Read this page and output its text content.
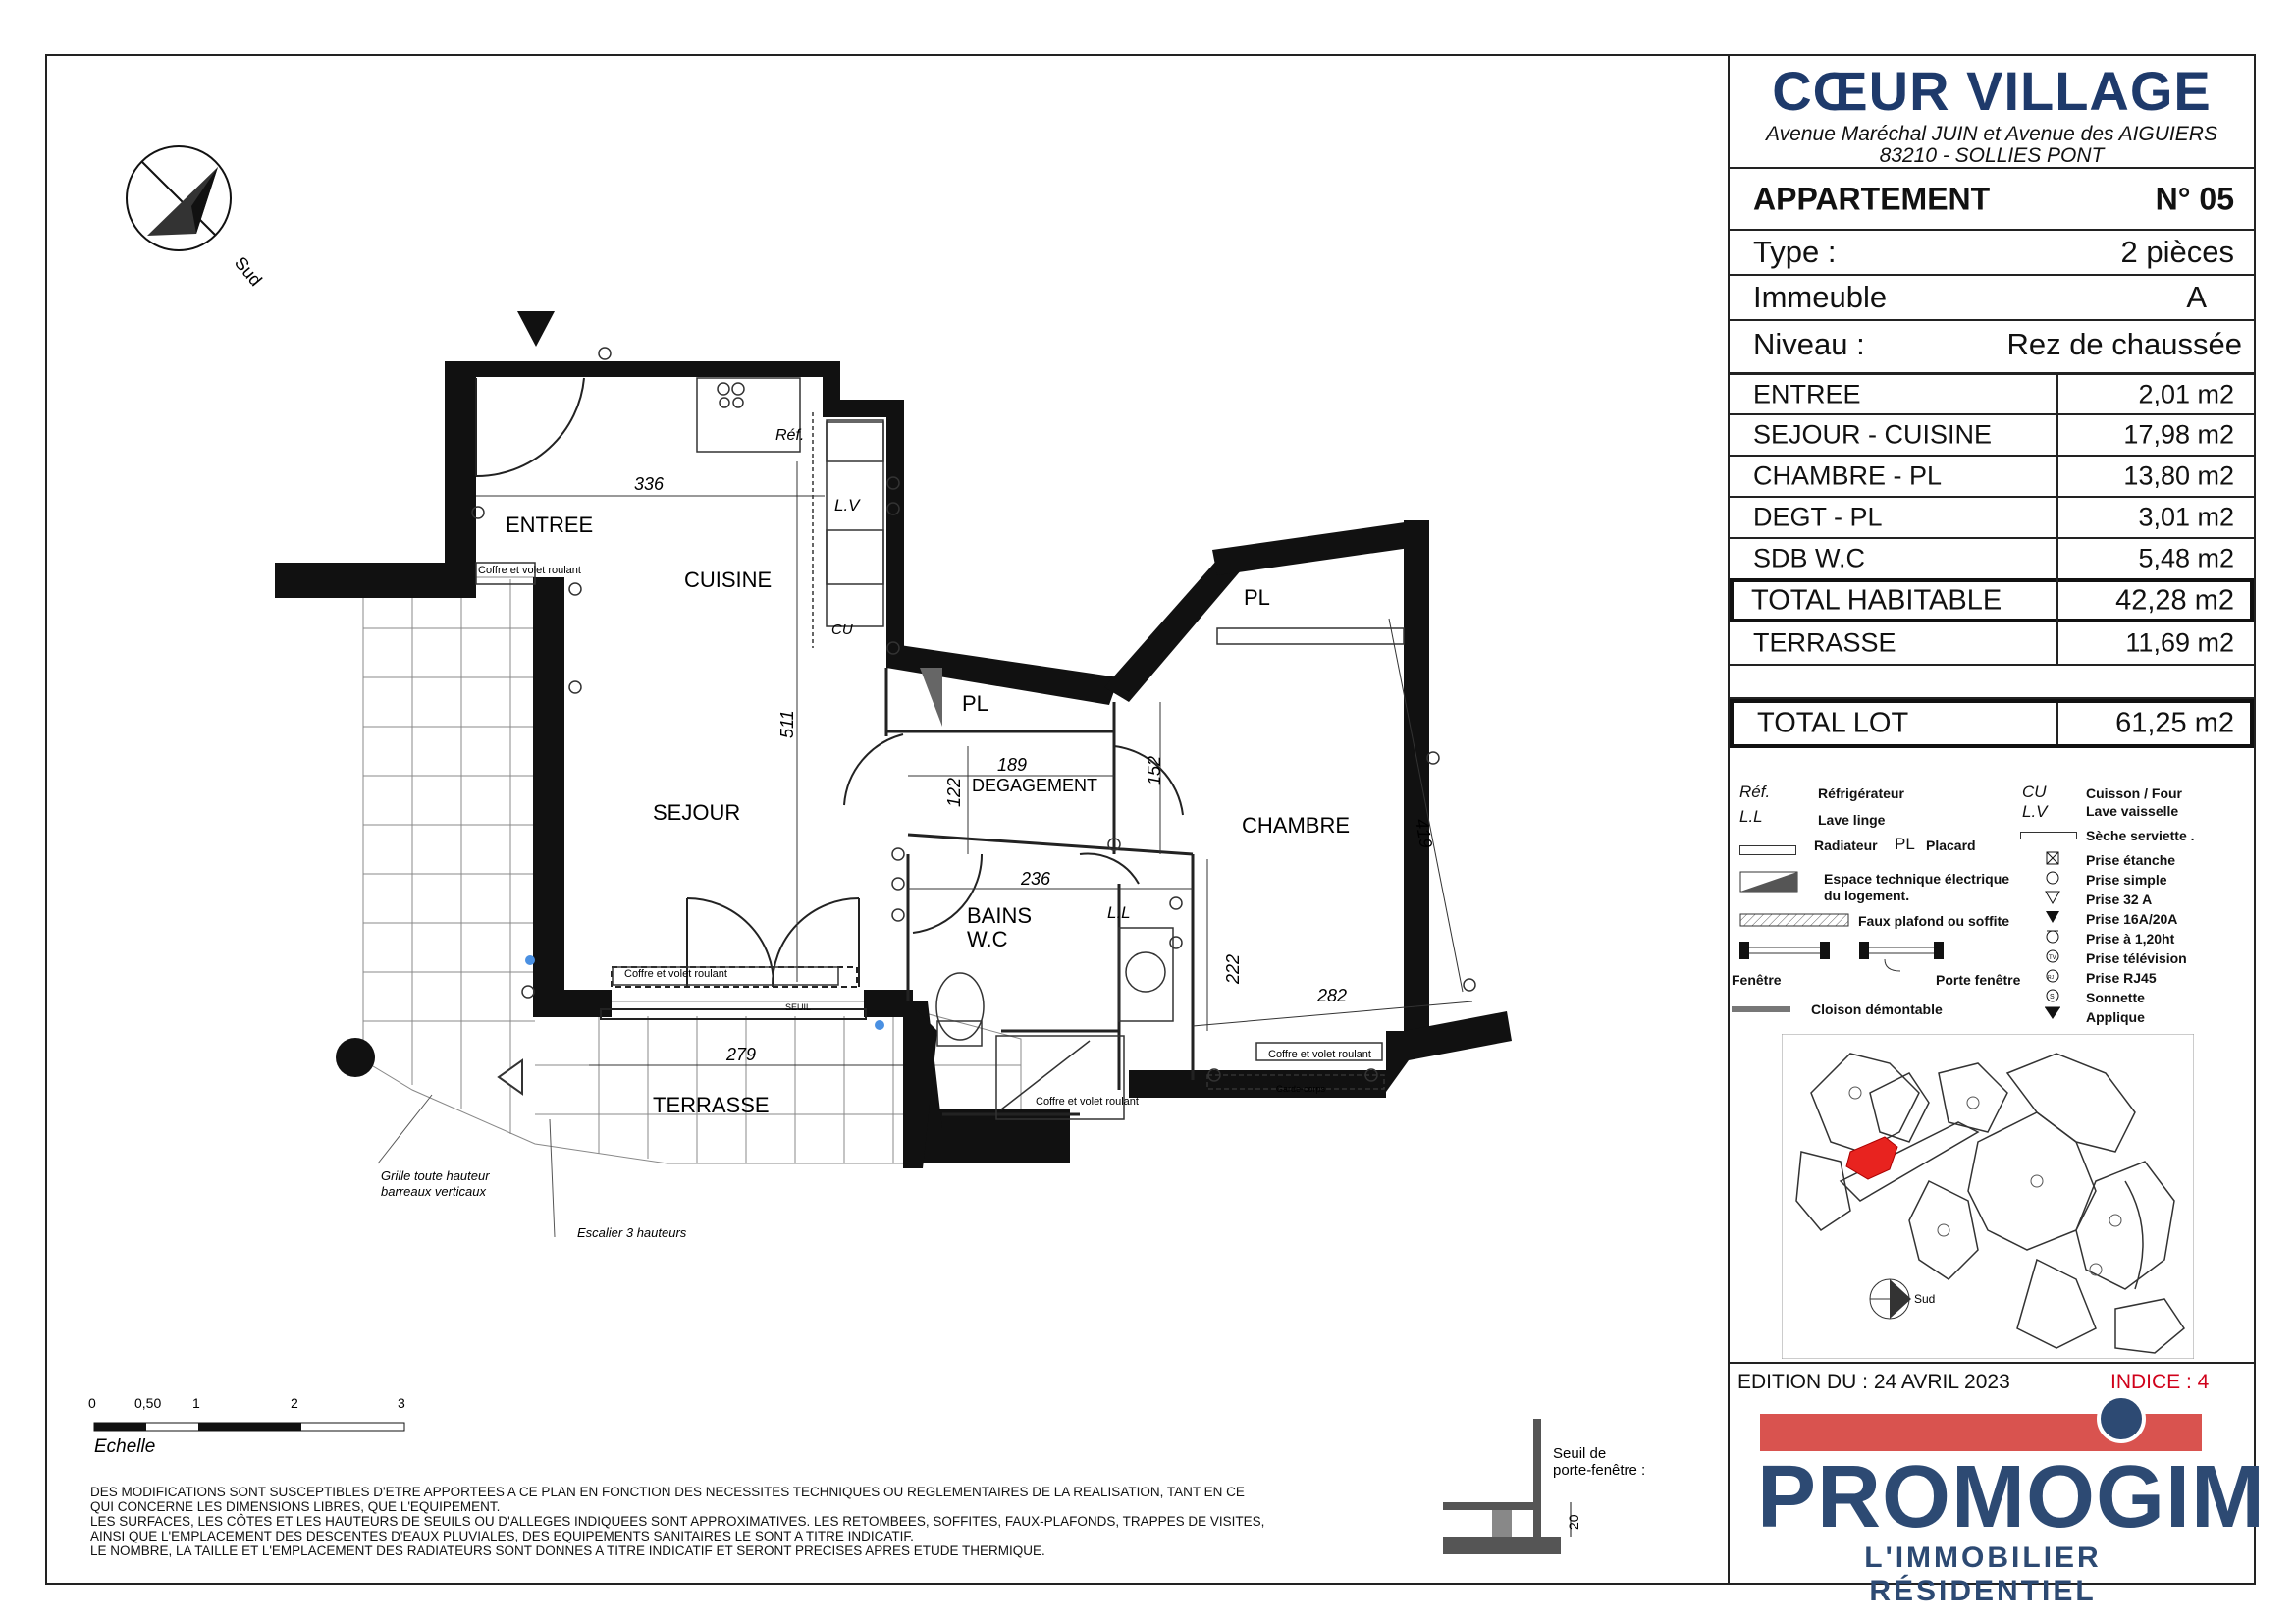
CŒUR VILLAGE
Avenue Maréchal JUIN et Avenue des AIGUIERS
83210 - SOLLIES PONT
APPARTEMENT	N° 05
Type :	2 pièces
Immeuble	A
Niveau :	Rez de chaussée
ENTREE	2,01 m2
SEJOUR - CUISINE	17,98 m2
CHAMBRE - PL	13,80 m2
DEGT - PL	3,01 m2
SDB W.C	5,48 m2
TOTAL HABITABLE	42,28 m2
TERRASSE	11,69 m2
TOTAL LOT	61,25 m2
Réf.	Réfrigérateur
L.L	Lave linge
Radiateur PL Placard
Espace technique électrique du logement.
Faux plafond ou soffite
Fenêtre	Porte fenêtre
Cloison démontable
CU	Cuisson / Four
L.V	Lave vaisselle
Sèche serviette .
TV
RJ
S
Prise étanche
Prise simple
Prise 32 A
Prise 16A/20A
Prise à 1,20ht
Prise télévision
Prise RJ45
Sonnette
Applique
Sud
EDITION DU : 24 AVRIL 2023	INDICE : 4
PROMOGIM
L'IMMOBILIER RÉSIDENTIEL
Sud
Réf.
L.V
CU
L.L
Coffre et volet roulant
Coffre et volet roulant
Coffre et volet roulant
Coffre et volet roulant
SEUIL
Garde-corps
336
511
189
122
152
236
419
222
282
279
ENTREE
CUISINE
SEJOUR
PL
PL
DEGAGEMENT
CHAMBRE
BAINS
W.C
TERRASSE
Grille toute hauteur
barreaux verticaux
Escalier 3 hauteurs
0	0,50 1	2	3
Echelle	Seuil de
porte-fenêtre :
20
DES MODIFICATIONS SONT SUSCEPTIBLES D'ETRE APPORTEES A CE PLAN EN FONCTION DES NECESSITES TECHNIQUES OU REGLEMENTAIRES DE LA REALISATION, TANT EN CE
QUI CONCERNE LES DIMENSIONS LIBRES, QUE L'EQUIPEMENT.
LES SURFACES, LES CÔTES ET LES HAUTEURS DE SEUILS OU D'ALLEGES INDIQUEES SONT APPROXIMATIVES. LES RETOMBEES, SOFFITES, FAUX-PLAFONDS, TRAPPES DE VISITES,
AINSI QUE L'EMPLACEMENT DES DESCENTES D'EAUX PLUVIALES, DES EQUIPEMENTS SANITAIRES LE SONT A TITRE INDICATIF.
LE NOMBRE, LA TAILLE ET L'EMPLACEMENT DES RADIATEURS SONT DONNES A TITRE INDICATIF ET SERONT PRECISES APRES ETUDE THERMIQUE.
